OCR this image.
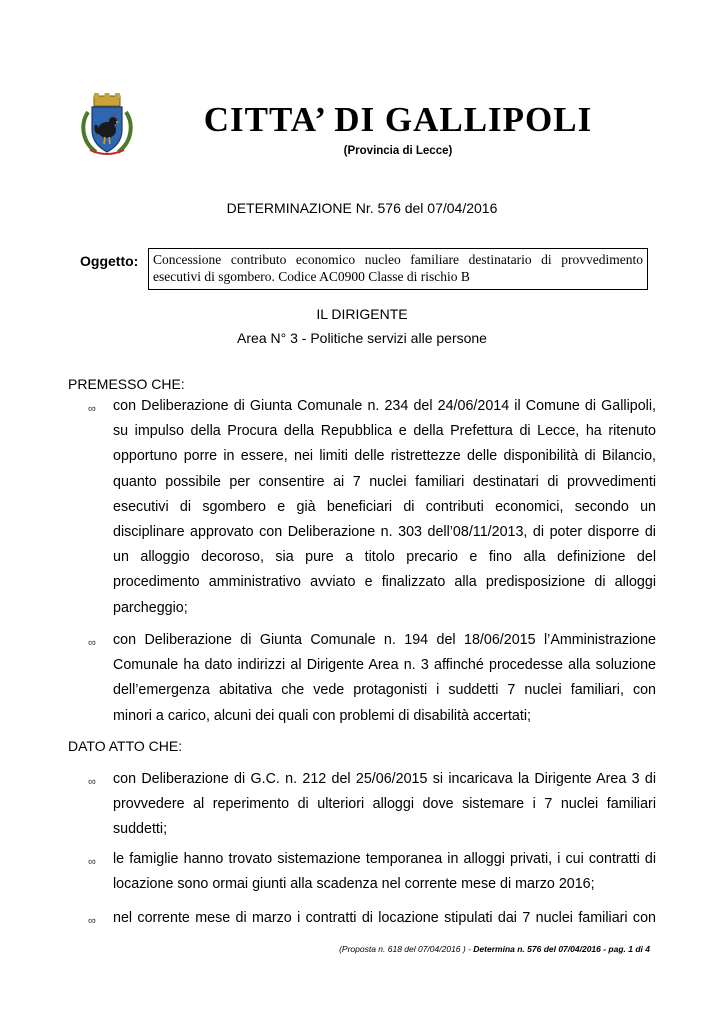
CITTA’ DI GALLIPOLI
(Provincia di Lecce)
DETERMINAZIONE Nr. 576 del 07/04/2016
Oggetto: Concessione contributo economico nucleo familiare destinatario di provvedimento
esecutivi di sgombero. Codice AC0900 Classe di rischio B
IL DIRIGENTE
Area N° 3 - Politiche servizi alle persone
PREMESSO CHE:
∞ con Deliberazione di Giunta Comunale n. 234 del 24/06/2014 il Comune di Gallipoli,
su impulso della Procura della Repubblica e della Prefettura di Lecce, ha ritenuto
opportuno porre in essere, nei limiti delle ristrettezze delle disponibilità di Bilancio,
quanto possibile per consentire ai 7 nuclei familiari destinatari di provvedimenti
esecutivi di sgombero e già beneficiari di contributi economici, secondo un
disciplinare approvato con Deliberazione n. 303 dell’08/11/2013, di poter disporre di
un alloggio decoroso, sia pure a titolo precario e fino alla definizione del
procedimento amministrativo avviato e finalizzato alla predisposizione di alloggi
parcheggio;
∞ con Deliberazione di Giunta Comunale n. 194 del 18/06/2015 l’Amministrazione
Comunale ha dato indirizzi al Dirigente Area n. 3 affinché procedesse alla soluzione
dell’emergenza abitativa che vede protagonisti i suddetti 7 nuclei familiari, con
minori a carico, alcuni dei quali con problemi di disabilità accertati;
DATO ATTO CHE:
∞ con Deliberazione di G.C. n. 212 del 25/06/2015 si incaricava la Dirigente Area 3 di
provvedere al reperimento di ulteriori alloggi dove sistemare i 7 nuclei familiari
suddetti;
∞ le famiglie hanno trovato sistemazione temporanea in alloggi privati, i cui contratti di
locazione sono ormai giunti alla scadenza nel corrente mese di marzo 2016;
∞ nel corrente mese di marzo i contratti di locazione stipulati dai 7 nuclei familiari con
(Proposta n. 618 del 07/04/2016 ) - Determina n. 576 del 07/04/2016 - pag. 1 di 4
